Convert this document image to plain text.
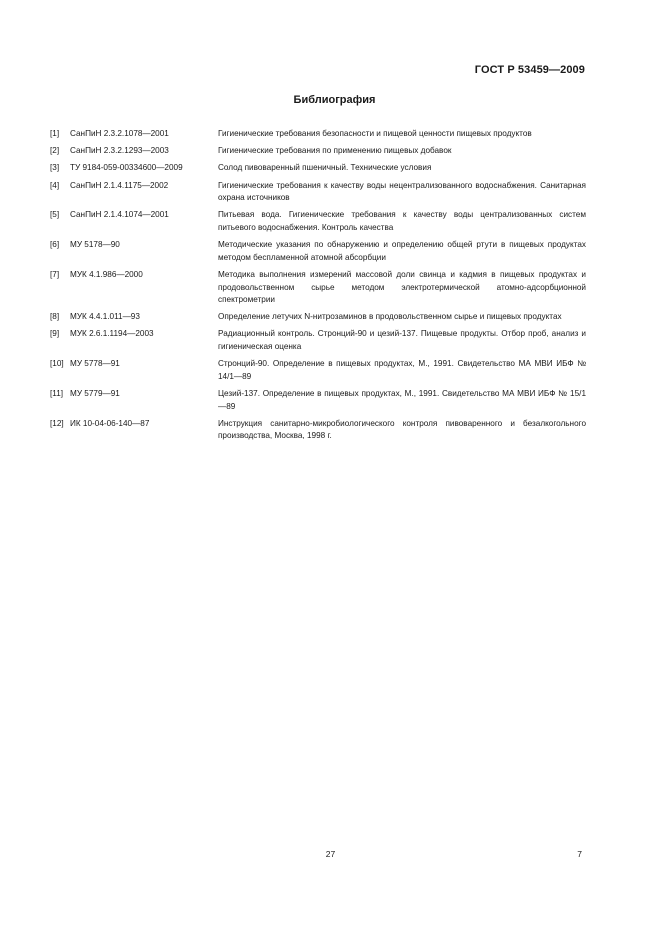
ГОСТ Р 53459—2009
Библиография
[1]	СанПиН 2.3.2.1078—2001	Гигиенические требования безопасности и пищевой ценности пищевых продуктов
[2]	СанПиН 2.3.2.1293—2003	Гигиенические требования по применению пищевых добавок
[3]	ТУ 9184-059-00334600—2009	Солод пивоваренный пшеничный. Технические условия
[4]	СанПиН 2.1.4.1175—2002	Гигиенические требования к качеству воды нецентрализованного водоснабжения. Санитарная охрана источников
[5]	СанПиН 2.1.4.1074—2001	Питьевая вода. Гигиенические требования к качеству воды централизованных систем питьевого водоснабжения. Контроль качества
[6]	МУ 5178—90	Методические указания по обнаружению и определению общей ртути в пищевых продуктах методом беспламенной атомной абсорбции
[7]	МУК 4.1.986—2000	Методика выполнения измерений массовой доли свинца и кадмия в пищевых продуктах и продовольственном сырье методом электротермической атомно-адсорбционной спектрометрии
[8]	МУК 4.4.1.011—93	Определение летучих N-нитрозаминов в продовольственном сырье и пищевых продуктах
[9]	МУК 2.6.1.1194—2003	Радиационный контроль. Стронций-90 и цезий-137. Пищевые продукты. Отбор проб, анализ и гигиеническая оценка
[10] МУ 5778—91	Стронций-90. Определение в пищевых продуктах, М., 1991. Свидетельство МА МВИ ИБФ № 14/1—89
[11] МУ 5779—91	Цезий-137. Определение в пищевых продуктах, М., 1991. Свидетельство МА МВИ ИБФ № 15/1—89
[12] ИК 10-04-06-140—87	Инструкция санитарно-микробиологического контроля пивоваренного и безалкогольного производства, Москва, 1998 г.
27	7
